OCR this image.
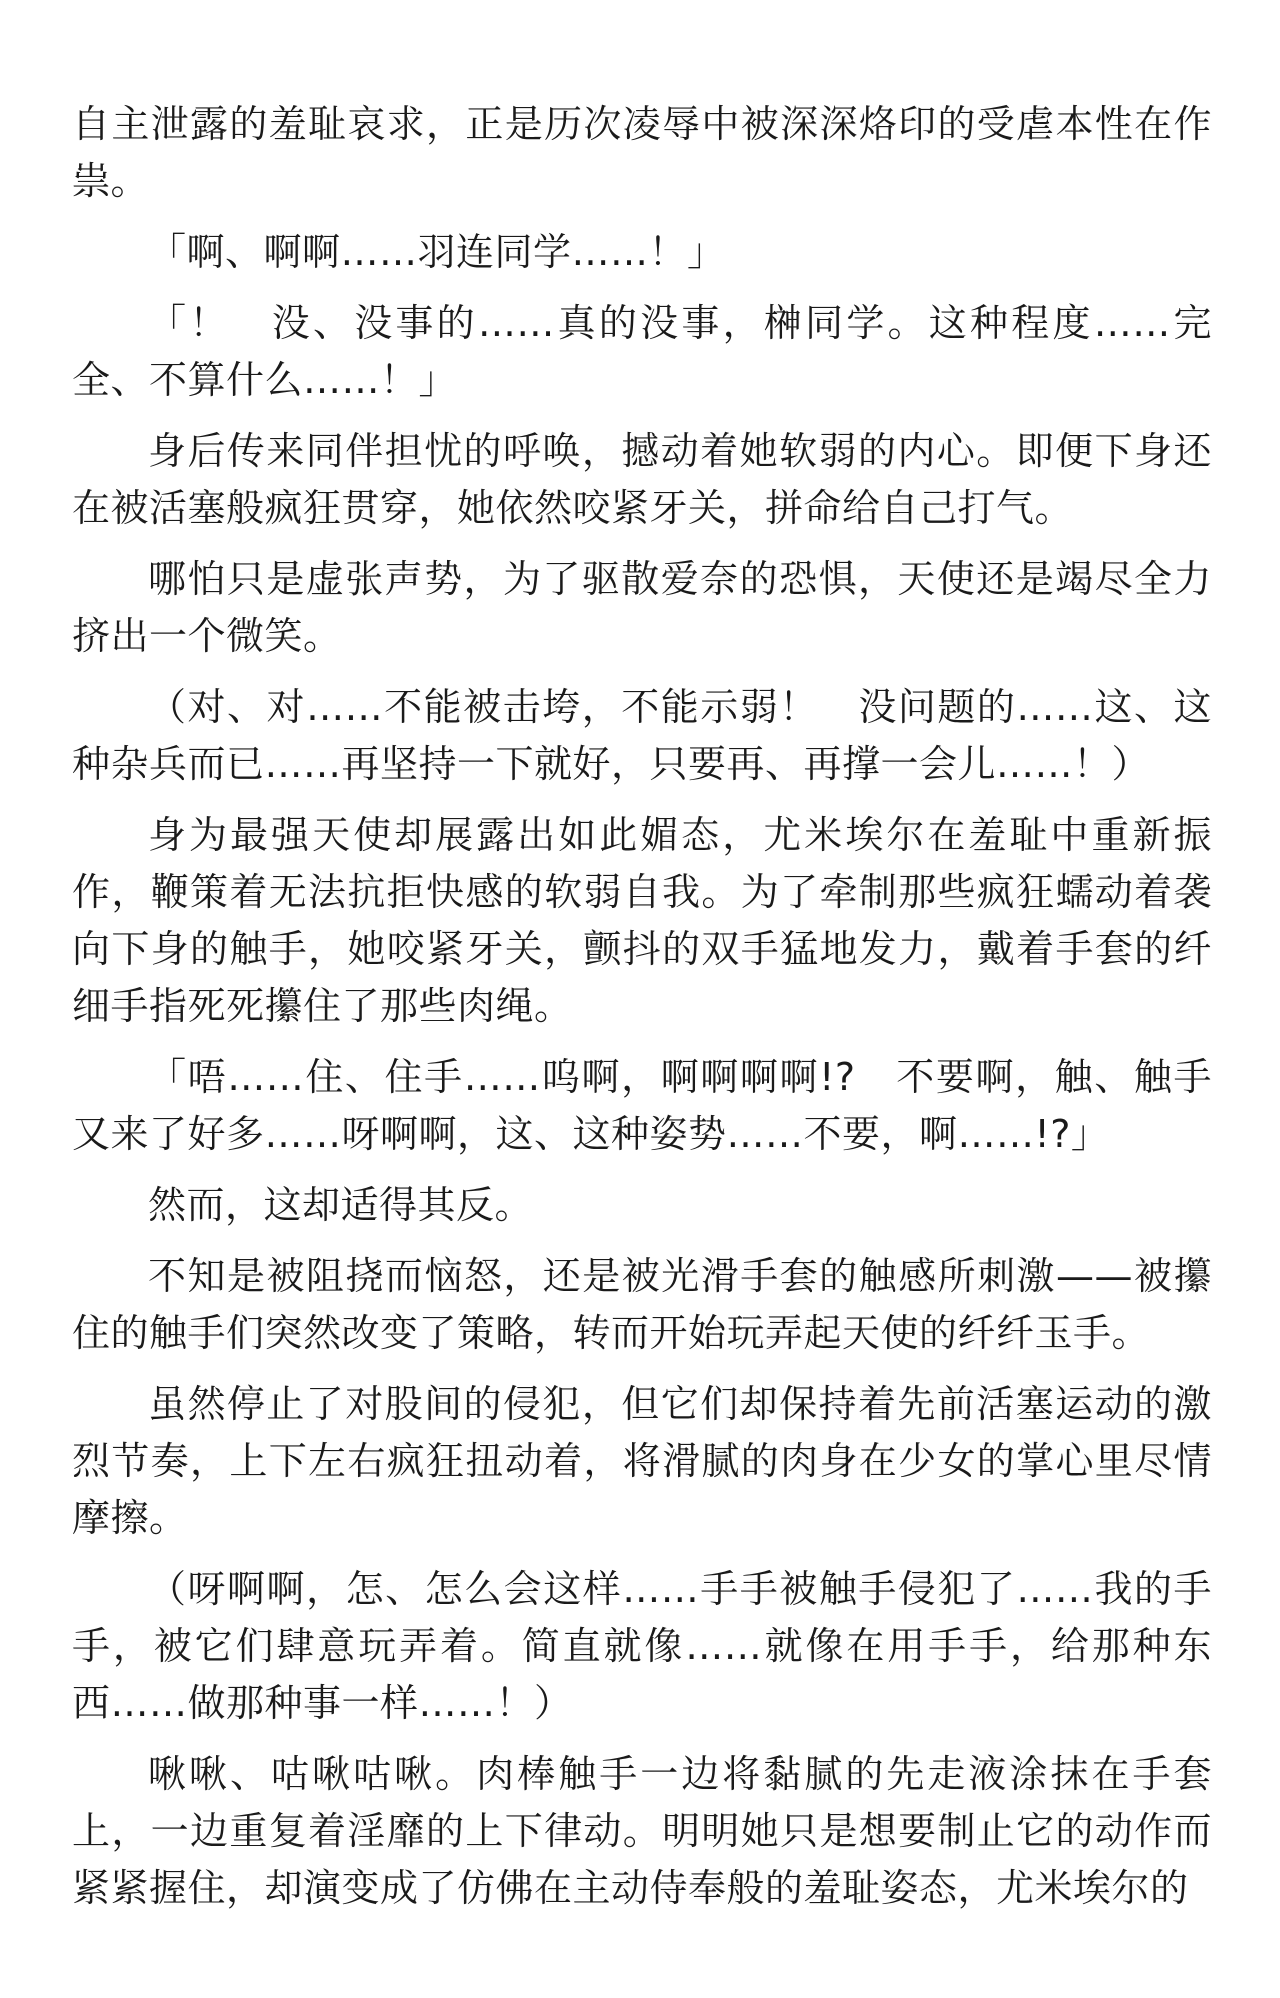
自主泄露的羞耻哀求，正是历次凌辱中被深深烙印的受虐本性在作祟。

「啊、啊啊……羽连同学……！」

「！　没、没事的……真的没事，榊同学。这种程度……完全、不算什么……！」

身后传来同伴担忧的呼唤，撼动着她软弱的内心。即便下身还在被活塞般疯狂贯穿，她依然咬紧牙关，拼命给自己打气。

哪怕只是虚张声势，为了驱散爱奈的恐惧，天使还是竭尽全力挤出一个微笑。

（对、对……不能被击垮，不能示弱！　没问题的……这、这种杂兵而已……再坚持一下就好，只要再、再撑一会儿……！）

身为最强天使却展露出如此媚态，尤米埃尔在羞耻中重新振作，鞭策着无法抗拒快感的软弱自我。为了牵制那些疯狂蠕动着袭向下身的触手，她咬紧牙关，颤抖的双手猛地发力，戴着手套的纤细手指死死攥住了那些肉绳。

「唔……住、住手……呜啊，啊啊啊啊!?　不要啊，触、触手又来了好多……呀啊啊，这、这种姿势……不要，啊……!?」

然而，这却适得其反。

不知是被阻挠而恼怒，还是被光滑手套的触感所刺激——被攥住的触手们突然改变了策略，转而开始玩弄起天使的纤纤玉手。

虽然停止了对股间的侵犯，但它们却保持着先前活塞运动的激烈节奏，上下左右疯狂扭动着，将滑腻的肉身在少女的掌心里尽情摩擦。

（呀啊啊，怎、怎么会这样……手手被触手侵犯了……我的手手，被它们肆意玩弄着。简直就像……就像在用手手，给那种东西……做那种事一样……！）

啾啾、咕啾咕啾。肉棒触手一边将黏腻的先走液涂抹在手套上，一边重复着淫靡的上下律动。明明她只是想要制止它的动作而紧紧握住，却演变成了仿佛在主动侍奉般的羞耻姿态，尤米埃尔的
